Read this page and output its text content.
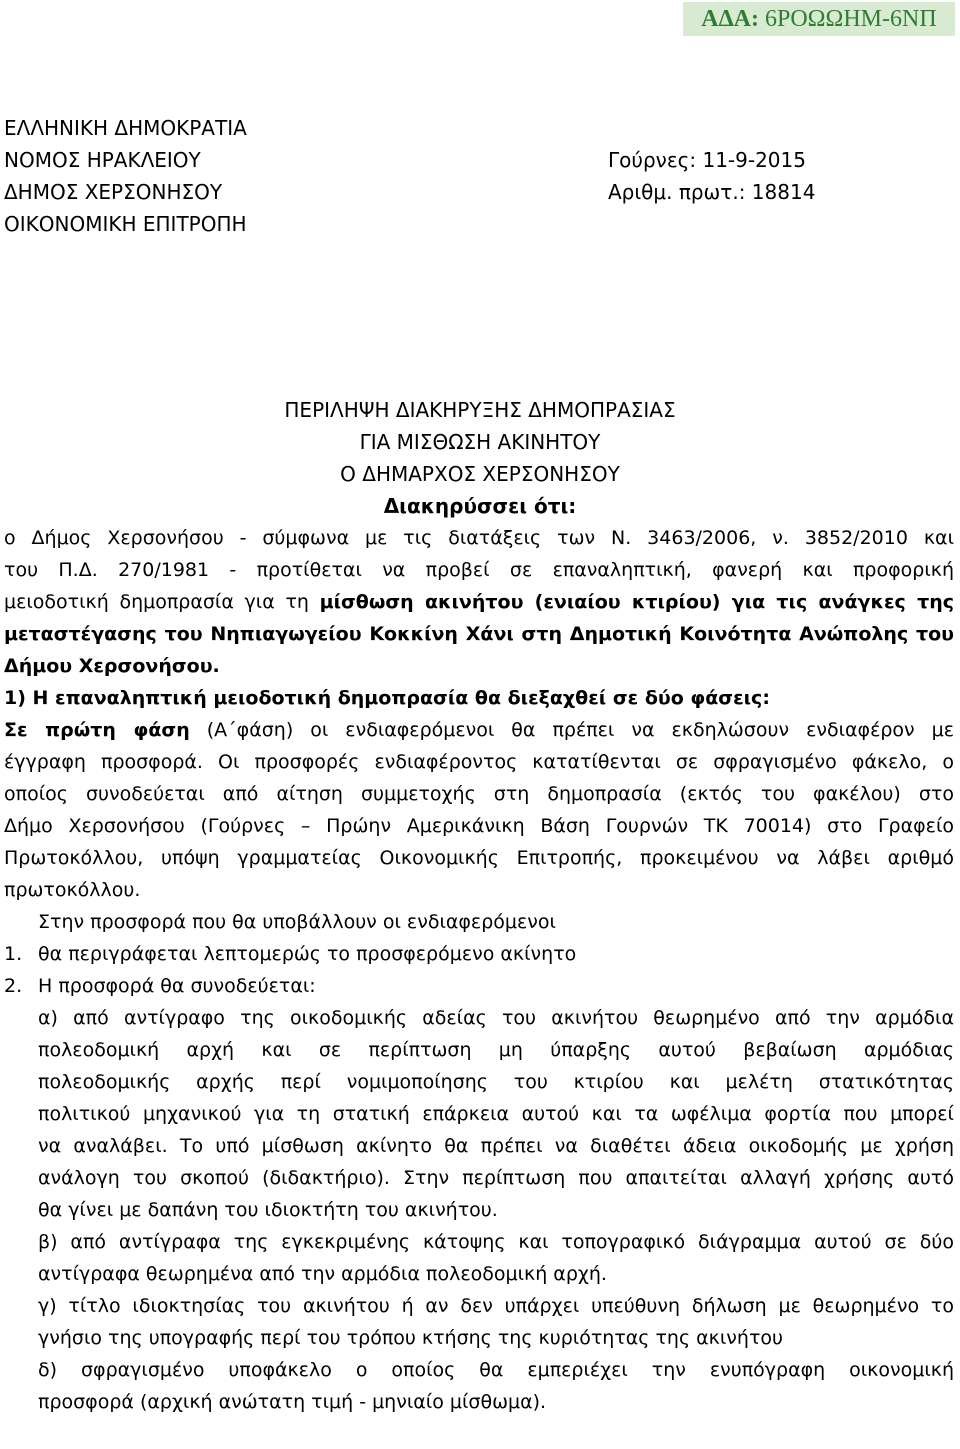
ΑΔΑ: 6ΡΟΩΩΗΜ-6ΝΠ
ΕΛΛΗΝΙΚΗ ΔΗΜΟΚΡΑΤΙΑ
ΝΟΜΟΣ ΗΡΑΚΛΕΙΟΥ	Γούρνες: 11-9-2015
ΔΗΜΟΣ ΧΕΡΣΟΝΗΣΟΥ	Αριθμ. πρωτ.: 18814
ΟΙΚΟΝΟΜΙΚΗ ΕΠΙΤΡΟΠΗ
ΠΕΡΙΛΗΨΗ ΔΙΑΚΗΡΥΞΗΣ ΔΗΜΟΠΡΑΣΙΑΣ
ΓΙΑ ΜΙΣΘΩΣΗ ΑΚΙΝΗΤΟΥ
Ο ΔΗΜΑΡΧΟΣ ΧΕΡΣΟΝΗΣΟΥ
Διακηρύσσει ότι:
ο Δήμος Χερσονήσου - σύμφωνα με τις διατάξεις των Ν. 3463/2006, ν. 3852/2010 και
του Π.Δ. 270/1981 - προτίθεται να προβεί σε επαναληπτική, φανερή και προφορική
μειοδοτική δημοπρασία για τη μίσθωση ακινήτου (ενιαίου κτιρίου) για τις ανάγκες της
μεταστέγασης του Νηπιαγωγείου Κοκκίνη Χάνι στη Δημοτική Κοινότητα Ανώπολης του
Δήμου Χερσονήσου.
1) Η επαναληπτική μειοδοτική δημοπρασία θα διεξαχθεί σε δύο φάσεις:
Σε πρώτη φάση (Α΄φάση) οι ενδιαφερόμενοι θα πρέπει να εκδηλώσουν ενδιαφέρον με
έγγραφη προσφορά. Οι προσφορές ενδιαφέροντος κατατίθενται σε σφραγισμένο φάκελο, ο
οποίος συνοδεύεται από αίτηση συμμετοχής στη δημοπρασία (εκτός του φακέλου) στο
Δήμο Χερσονήσου (Γούρνες – Πρώην Αμερικάνικη Βάση Γουρνών ΤΚ 70014) στο Γραφείο
Πρωτοκόλλου, υπόψη γραμματείας Οικονομικής Επιτροπής, προκειμένου να λάβει αριθμό
πρωτοκόλλου.
Στην προσφορά που θα υποβάλλουν οι ενδιαφερόμενοι
1. θα περιγράφεται λεπτομερώς το προσφερόμενο ακίνητο
2. Η προσφορά θα συνοδεύεται:
α) από αντίγραφο της οικοδομικής αδείας του ακινήτου θεωρημένο από την αρμόδια
πολεοδομική αρχή και σε περίπτωση μη ύπαρξης αυτού βεβαίωση αρμόδιας
πολεοδομικής αρχής περί νομιμοποίησης του κτιρίου και μελέτη στατικότητας
πολιτικού μηχανικού για τη στατική επάρκεια αυτού και τα ωφέλιμα φορτία που μπορεί
να αναλάβει. Το υπό μίσθωση ακίνητο θα πρέπει να διαθέτει άδεια οικοδομής με χρήση
ανάλογη του σκοπού (διδακτήριο). Στην περίπτωση που απαιτείται αλλαγή χρήσης αυτό
θα γίνει με δαπάνη του ιδιοκτήτη του ακινήτου.
β) από αντίγραφα της εγκεκριμένης κάτοψης και τοπογραφικό διάγραμμα αυτού σε δύο
αντίγραφα θεωρημένα από την αρμόδια πολεοδομική αρχή.
γ) τίτλο ιδιοκτησίας του ακινήτου ή αν δεν υπάρχει υπεύθυνη δήλωση με θεωρημένο το
γνήσιο της υπογραφής περί του τρόπου κτήσης της κυριότητας της ακινήτου
δ) σφραγισμένο υποφάκελο ο οποίος θα εμπεριέχει την ενυπόγραφη οικονομική
προσφορά (αρχική ανώτατη τιμή - μηνιαίο μίσθωμα).
